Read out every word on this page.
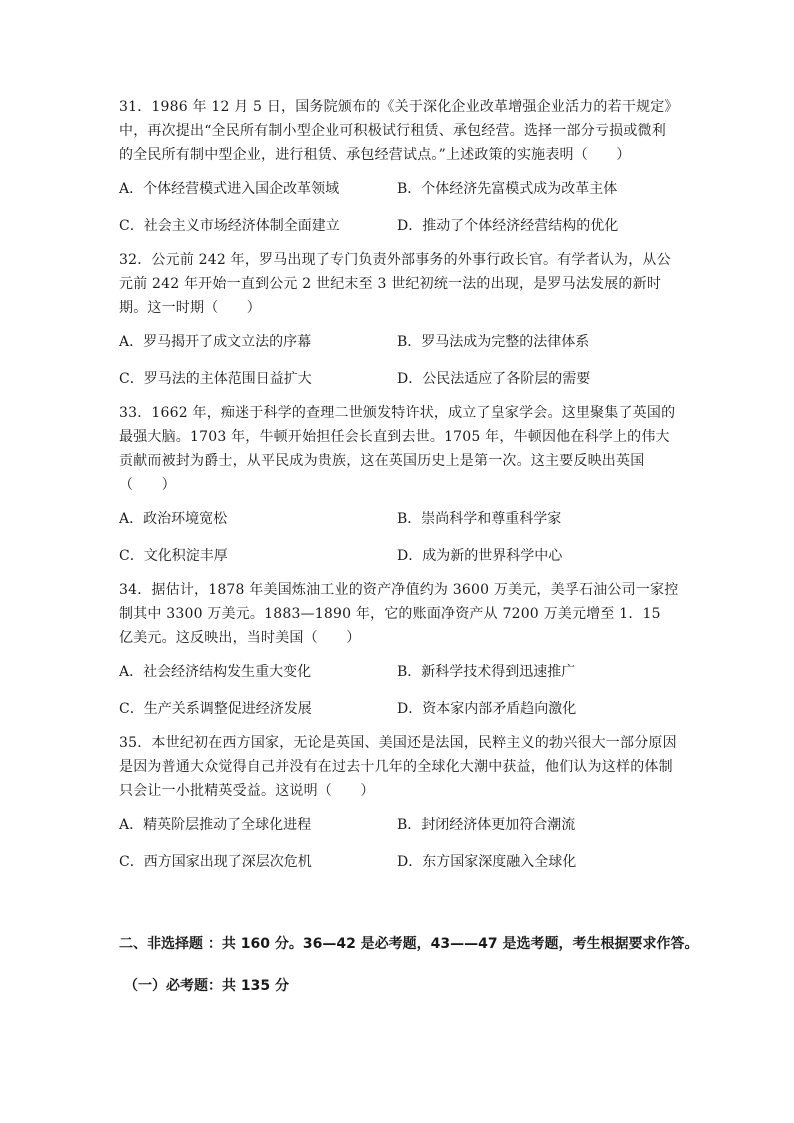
31．1986 年 12 月 5 日，国务院颁布的《关于深化企业改革增强企业活力的若干规定》中，再次提出“全民所有制小型企业可积极试行租赁、承包经营。选择一部分亏损或微利的全民所有制中型企业，进行租赁、承包经营试点。”上述政策的实施表明（　　）

A．个体经营模式进入国企改革领域	B．个体经济先富模式成为改革主体
C．社会主义市场经济体制全面建立	D．推动了个体经济经营结构的优化

32．公元前 242 年，罗马出现了专门负责外部事务的外事行政长官。有学者认为，从公元前 242 年开始一直到公元 2 世纪末至 3 世纪初统一法的出现，是罗马法发展的新时期。这一时期（　　）

A．罗马揭开了成文立法的序幕	B．罗马法成为完整的法律体系
C．罗马法的主体范围日益扩大	D．公民法适应了各阶层的需要

33．1662 年，痴迷于科学的查理二世颁发特许状，成立了皇家学会。这里聚集了英国的最强大脑。1703 年，牛顿开始担任会长直到去世。1705 年，牛顿因他在科学上的伟大贡献而被封为爵士，从平民成为贵族，这在英国历史上是第一次。这主要反映出英国（　　）

A．政治环境宽松	B．崇尚科学和尊重科学家
C．文化积淀丰厚	D．成为新的世界科学中心

34．据估计，1878 年美国炼油工业的资产净值约为 3600 万美元，美孚石油公司一家控制其中 3300 万美元。1883—1890 年，它的账面净资产从 7200 万美元增至 1．15 亿美元。这反映出，当时美国（　　）

A．社会经济结构发生重大变化	B．新科学技术得到迅速推广
C．生产关系调整促进经济发展	D．资本家内部矛盾趋向激化

35．本世纪初在西方国家，无论是英国、美国还是法国，民粹主义的勃兴很大一部分原因是因为普通大众觉得自己并没有在过去十几年的全球化大潮中获益，他们认为这样的体制只会让一小批精英受益。这说明（　　）

A．精英阶层推动了全球化进程	B．封闭经济体更加符合潮流
C．西方国家出现了深层次危机	D．东方国家深度融入全球化
二、非选择题 ：共 160 分。36—42 是必考题，43——47 是选考题，考生根据要求作答。
（一）必考题：共 135 分
